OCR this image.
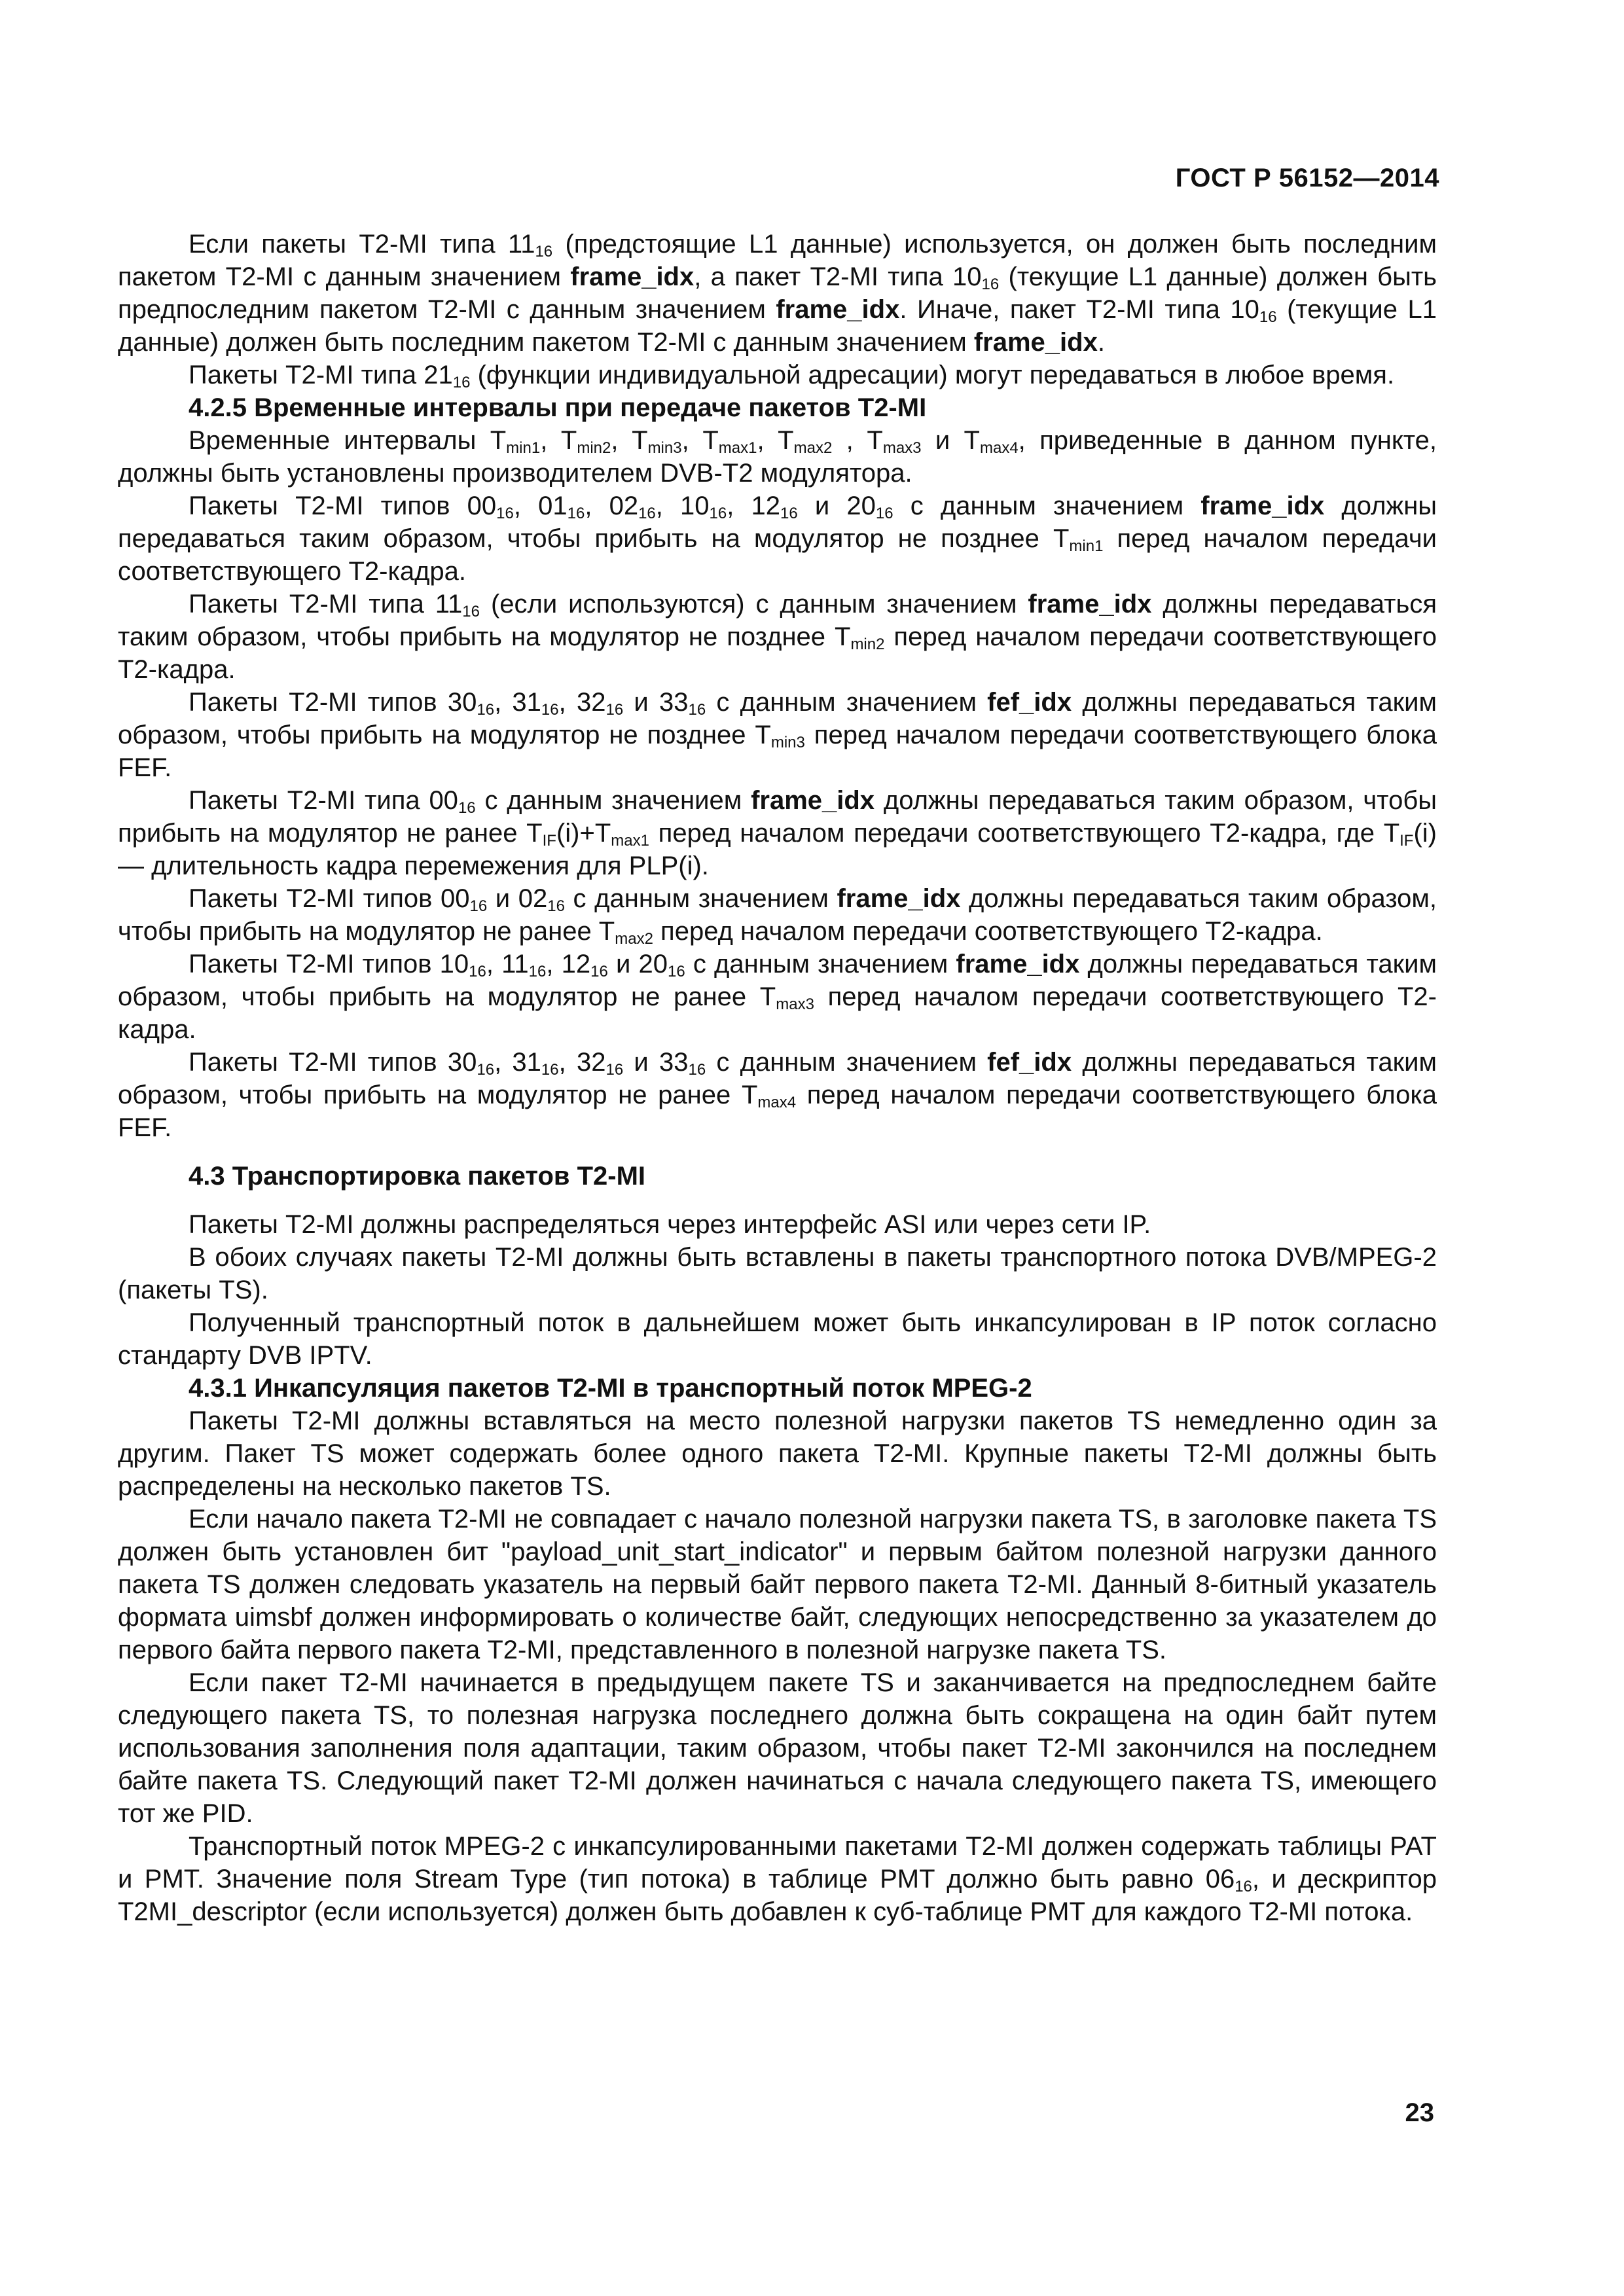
ГОСТ Р 56152—2014

Если пакеты T2-MI типа $11_{16}$ (предстоящие L1 данные) используется, он должен быть последним пакетом T2-MI с данным значением frame_idx, а пакет T2-MI типа $10_{16}$ (текущие L1 данные) должен быть предпоследним пакетом T2-MI с данным значением frame_idx. Иначе, пакет T2-MI типа $10_{16}$ (текущие L1 данные) должен быть последним пакетом T2-MI с данным значением frame_idx.

Пакеты T2-MI типа $21_{16}$ (функции индивидуальной адресации) могут передаваться в любое время.

4.2.5 Временные интервалы при передаче пакетов T2-MI

Временные интервалы $T_{min1}$, $T_{min2}$, $T_{min3}$, $T_{max1}$, $T_{max2}$ , $T_{max3}$ и $T_{max4}$, приведенные в данном пункте, должны быть установлены производителем DVB-T2 модулятора.

Пакеты T2-MI типов $00_{16}$, $01_{16}$, $02_{16}$, $10_{16}$, $12_{16}$ и $20_{16}$ с данным значением frame_idx должны передаваться таким образом, чтобы прибыть на модулятор не позднее $T_{min1}$ перед началом передачи соответствующего T2-кадра.

Пакеты T2-MI типа $11_{16}$ (если используются) с данным значением frame_idx должны передаваться таким образом, чтобы прибыть на модулятор не позднее $T_{min2}$ перед началом передачи соответствующего T2-кадра.

Пакеты T2-MI типов $30_{16}$, $31_{16}$, $32_{16}$ и $33_{16}$ с данным значением fef_idx должны передаваться таким образом, чтобы прибыть на модулятор не позднее $T_{min3}$ перед началом передачи соответствующего блока FEF.

Пакеты T2-MI типа $00_{16}$ с данным значением frame_idx должны передаваться таким образом, чтобы прибыть на модулятор не ранее $T_{IF}(i)+T_{max1}$ перед началом передачи соответствующего T2-кадра, где $T_{IF}(i)$ — длительность кадра перемежения для PLP(i).

Пакеты T2-MI типов $00_{16}$ и $02_{16}$ с данным значением frame_idx должны передаваться таким образом, чтобы прибыть на модулятор не ранее $T_{max2}$ перед началом передачи соответствующего T2-кадра.

Пакеты T2-MI типов $10_{16}$, $11_{16}$, $12_{16}$ и $20_{16}$ с данным значением frame_idx должны передаваться таким образом, чтобы прибыть на модулятор не ранее $T_{max3}$ перед началом передачи соответствующего T2-кадра.

Пакеты T2-MI типов $30_{16}$, $31_{16}$, $32_{16}$ и $33_{16}$ с данным значением fef_idx должны передаваться таким образом, чтобы прибыть на модулятор не ранее $T_{max4}$ перед началом передачи соответствующего блока FEF.

4.3 Транспортировка пакетов T2-MI

Пакеты T2-MI должны распределяться через интерфейс ASI или через сети IP.

В обоих случаях пакеты T2-MI должны быть вставлены в пакеты транспортного потока DVB/MPEG-2 (пакеты TS).

Полученный транспортный поток в дальнейшем может быть инкапсулирован в IP поток согласно стандарту DVB IPTV.

4.3.1 Инкапсуляция пакетов T2-MI в транспортный поток MPEG-2

Пакеты T2-MI должны вставляться на место полезной нагрузки пакетов TS немедленно один за другим. Пакет TS может содержать более одного пакета T2-MI. Крупные пакеты T2-MI должны быть распределены на несколько пакетов TS.

Если начало пакета T2-MI не совпадает с начало полезной нагрузки пакета TS, в заголовке пакета TS должен быть установлен бит "payload_unit_start_indicator" и первым байтом полезной нагрузки данного пакета TS должен следовать указатель на первый байт первого пакета T2-MI. Данный 8-битный указатель формата uimsbf должен информировать о количестве байт, следующих непосредственно за указателем до первого байта первого пакета T2-MI, представленного в полезной нагрузке пакета TS.

Если пакет T2-MI начинается в предыдущем пакете TS и заканчивается на предпоследнем байте следующего пакета TS, то полезная нагрузка последнего должна быть сокращена на один байт путем использования заполнения поля адаптации, таким образом, чтобы пакет T2-MI закончился на последнем байте пакета TS. Следующий пакет T2-MI должен начинаться с начала следующего пакета TS, имеющего тот же PID.

Транспортный поток MPEG-2 с инкапсулированными пакетами T2-MI должен содержать таблицы PAT и PMT. Значение поля Stream Type (тип потока) в таблице PMT должно быть равно $06_{16}$, и дескриптор T2MI_descriptor (если используется) должен быть добавлен к суб-таблице PMT для каждого T2-MI потока.

23
